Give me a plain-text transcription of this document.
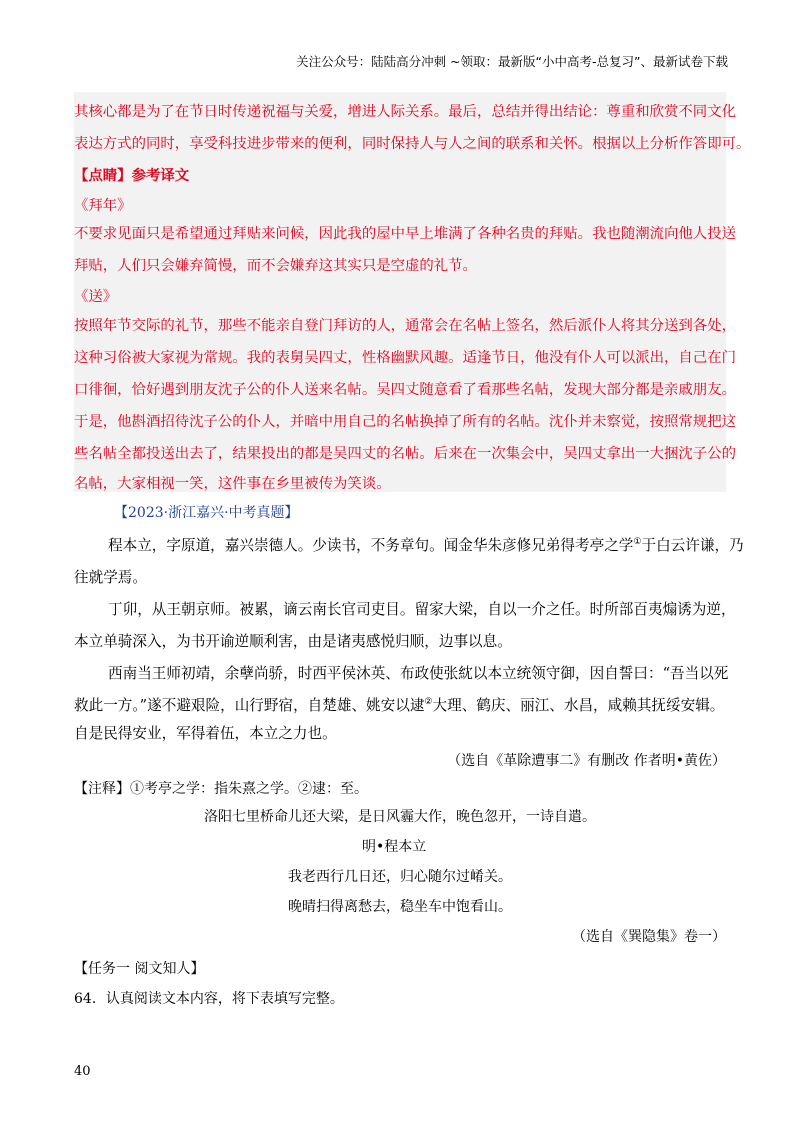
关注公众号：陆陆高分冲刺 ~领取：最新版“小中高考-总复习”、最新试卷下载
其核心都是为了在节日时传递祝福与关爱，增进人际关系。最后，总结并得出结论：尊重和欣赏不同文化
表达方式的同时，享受科技进步带来的便利，同时保持人与人之间的联系和关怀。根据以上分析作答即可。
【点睛】参考译文
《拜年》
不要求见面只是希望通过拜贴来问候，因此我的屋中早上堆满了各种名贵的拜贴。我也随潮流向他人投送
拜贴，人们只会嫌弃简慢，而不会嫌弃这其实只是空虚的礼节。
《送》
按照年节交际的礼节，那些不能亲自登门拜访的人，通常会在名帖上签名，然后派仆人将其分送到各处，
这种习俗被大家视为常规。我的表舅吴四丈，性格幽默风趣。适逢节日，他没有仆人可以派出，自己在门
口徘徊，恰好遇到朋友沈子公的仆人送来名帖。吴四丈随意看了看那些名帖，发现大部分都是亲戚朋友。
于是，他斟酒招待沈子公的仆人，并暗中用自己的名帖换掉了所有的名帖。沈仆并未察觉，按照常规把这
些名帖全都投送出去了，结果投出的都是吴四丈的名帖。后来在一次集会中，吴四丈拿出一大捆沈子公的
名帖，大家相视一笑，这件事在乡里被传为笑谈。
【2023·浙江嘉兴·中考真题】
程本立，字原道，嘉兴崇德人。少读书，不务章句。闻金华朱彦修兄弟得考亭之学①于白云许谦，乃
往就学焉。
丁卯，从王朝京师。被累，谪云南长官司吏目。留家大梁，自以一介之任。时所部百夷煽诱为逆，
本立单骑深入，为书开谕逆顺利害，由是诸夷感悦归顺，边事以息。
西南当王师初靖，余孽尚骄，时西平侯沐英、布政使张紞以本立统领守御，因自誓曰：“吾当以死
救此一方。”遂不避艰险，山行野宿，自楚雄、姚安以逮②大理、鹤庆、丽江、水昌，咸赖其抚绥安辑。
自是民得安业，军得着伍，本立之力也。
（选自《革除遭事二》有删改 作者明•黄佐）
【注释】①考亭之学：指朱熹之学。②逮：至。
洛阳七里桥命儿还大梁，是日风霾大作，晚色忽开，一诗自遣。
明•程本立
我老西行几日还，归心随尔过崤关。
晚晴扫得离愁去，稳坐车中饱看山。
（选自《巽隐集》卷一）
【任务一 阅文知人】
64．认真阅读文本内容，将下表填写完整。
40
